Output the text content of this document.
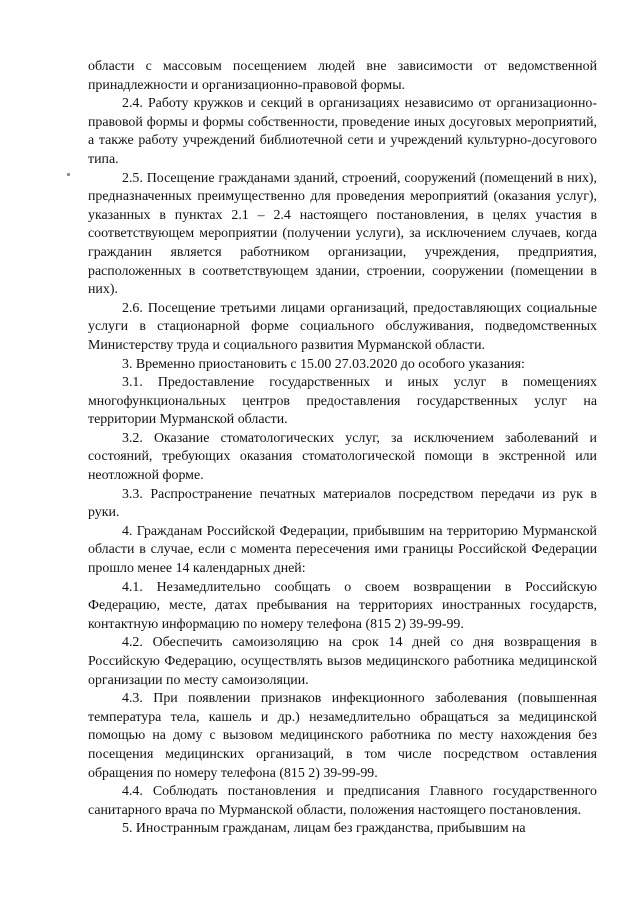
области с массовым посещением людей вне зависимости от ведомственной принадлежности и организационно-правовой формы.

2.4. Работу кружков и секций в организациях независимо от организационно-правовой формы и формы собственности, проведение иных досуговых мероприятий, а также работу учреждений библиотечной сети и учреждений культурно-досугового типа.

2.5. Посещение гражданами зданий, строений, сооружений (помещений в них), предназначенных преимущественно для проведения мероприятий (оказания услуг), указанных в пунктах 2.1 – 2.4 настоящего постановления, в целях участия в соответствующем мероприятии (получении услуги), за исключением случаев, когда гражданин является работником организации, учреждения, предприятия, расположенных в соответствующем здании, строении, сооружении (помещении в них).

2.6. Посещение третьими лицами организаций, предоставляющих социальные услуги в стационарной форме социального обслуживания, подведомственных Министерству труда и социального развития Мурманской области.

3. Временно приостановить с 15.00 27.03.2020 до особого указания:

3.1. Предоставление государственных и иных услуг в помещениях многофункциональных центров предоставления государственных услуг на территории Мурманской области.

3.2. Оказание стоматологических услуг, за исключением заболеваний и состояний, требующих оказания стоматологической помощи в экстренной или неотложной форме.

3.3. Распространение печатных материалов посредством передачи из рук в руки.

4. Гражданам Российской Федерации, прибывшим на территорию Мурманской области в случае, если с момента пересечения ими границы Российской Федерации прошло менее 14 календарных дней:

4.1. Незамедлительно сообщать о своем возвращении в Российскую Федерацию, месте, датах пребывания на территориях иностранных государств, контактную информацию по номеру телефона (815 2) 39-99-99.

4.2. Обеспечить самоизоляцию на срок 14 дней со дня возвращения в Российскую Федерацию, осуществлять вызов медицинского работника медицинской организации по месту самоизоляции.

4.3. При появлении признаков инфекционного заболевания (повышенная температура тела, кашель и др.) незамедлительно обращаться за медицинской помощью на дому с вызовом медицинского работника по месту нахождения без посещения медицинских организаций, в том числе посредством оставления обращения по номеру телефона (815 2) 39-99-99.

4.4. Соблюдать постановления и предписания Главного государственного санитарного врача по Мурманской области, положения настоящего постановления.

5. Иностранным гражданам, лицам без гражданства, прибывшим на
